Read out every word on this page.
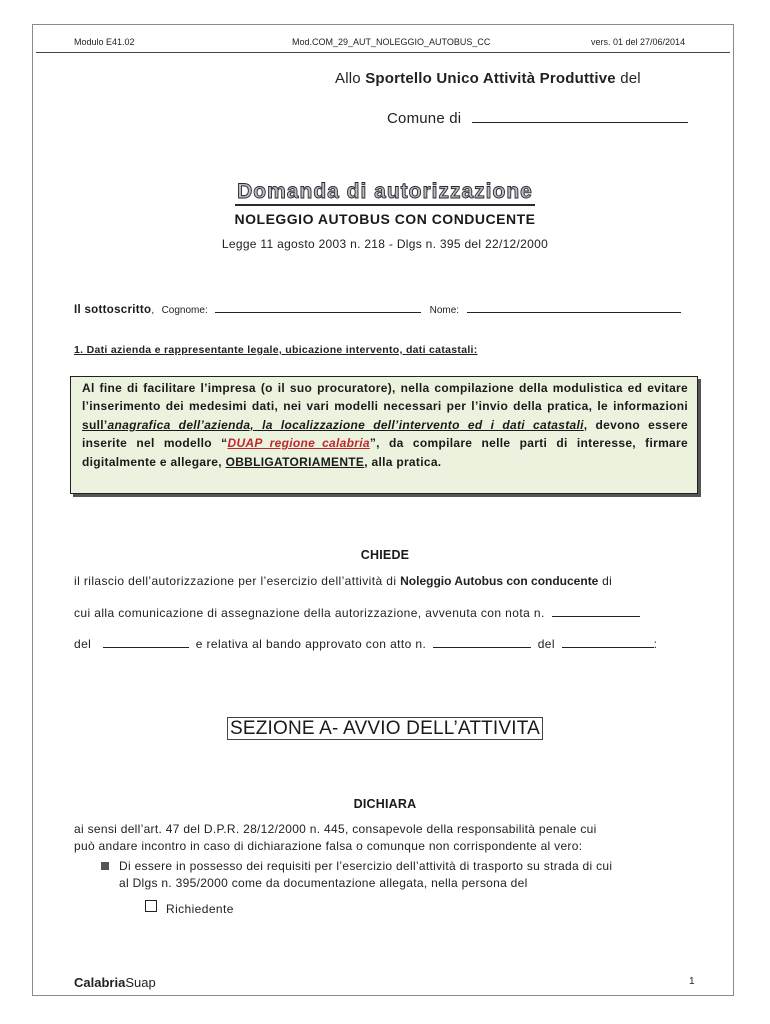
Modulo E41.02	Mod.COM_29_AUT_NOLEGGIO_AUTOBUS_CC	vers. 01 del 27/06/2014
Allo Sportello Unico Attività Produttive del
Comune di
Domanda di autorizzazione
NOLEGGIO AUTOBUS CON CONDUCENTE
Legge 11 agosto 2003 n. 218 - Dlgs n. 395 del 22/12/2000
Il sottoscritto, Cognome:	Nome:
1. Dati azienda e rappresentante legale, ubicazione intervento, dati catastali:
Al fine di facilitare l’impresa (o il suo procuratore), nella compilazione della modulistica ed evitare l’inserimento dei medesimi dati, nei vari modelli necessari per l’invio della pratica, le informazioni sull’anagrafica dell’azienda, la localizzazione dell’intervento ed i dati catastali, devono essere inserite nel modello “DUAP_regione_calabria”, da compilare nelle parti di interesse, firmare digitalmente e allegare, OBBLIGATORIAMENTE, alla pratica.
CHIEDE
il rilascio dell’autorizzazione per l’esercizio dell’attività di Noleggio Autobus con conducente di
cui alla comunicazione di assegnazione della autorizzazione, avvenuta con nota n.
del	e relativa al bando approvato con atto n.	del	:
SEZIONE A- AVVIO DELL’ATTIVITA
DICHIARA
ai sensi dell’art. 47 del D.P.R. 28/12/2000 n. 445, consapevole della responsabilità penale cui
può andare incontro in caso di dichiarazione falsa o comunque non corrispondente al vero:
Di essere in possesso dei requisiti per l’esercizio dell’attività di trasporto su strada di cui
al Dlgs n. 395/2000 come da documentazione allegata, nella persona del
Richiedente
CalabriaSuap	1
